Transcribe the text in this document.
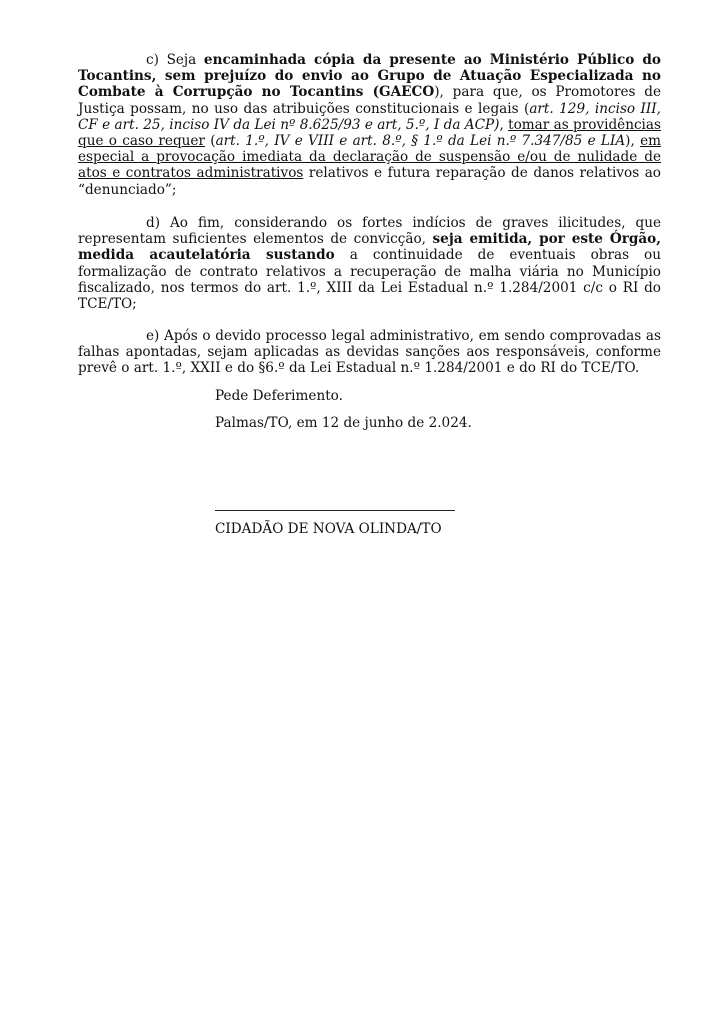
c) Seja encaminhada cópia da presente ao Ministério Público do Tocantins, sem prejuízo do envio ao Grupo de Atuação Especializada no Combate à Corrupção no Tocantins (GAECO), para que, os Promotores de Justiça possam, no uso das atribuições constitucionais e legais (art. 129, inciso III, CF e art. 25, inciso IV da Lei nº 8.625/93 e art, 5.º, I da ACP), tomar as providências que o caso requer (art. 1.º, IV e VIII e art. 8.º, § 1.º da Lei n.º 7.347/85 e LIA), em especial a provocação imediata da declaração de suspensão e/ou de nulidade de atos e contratos administrativos relativos e futura reparação de danos relativos ao “denunciado”;

d) Ao fim, considerando os fortes indícios de graves ilicitudes, que representam suficientes elementos de convicção, seja emitida, por este Órgão, medida acautelatória sustando a continuidade de eventuais obras ou formalização de contrato relativos a recuperação de malha viária no Município fiscalizado, nos termos do art. 1.º, XIII da Lei Estadual n.º 1.284/2001 c/c o RI do TCE/TO;

e) Após o devido processo legal administrativo, em sendo comprovadas as falhas apontadas, sejam aplicadas as devidas sanções aos responsáveis, conforme prevê o art. 1.º, XXII e do §6.º da Lei Estadual n.º 1.284/2001 e do RI do TCE/TO.

Pede Deferimento.
Palmas/TO, em 12 de junho de 2.024.
CIDADÃO DE NOVA OLINDA/TO
